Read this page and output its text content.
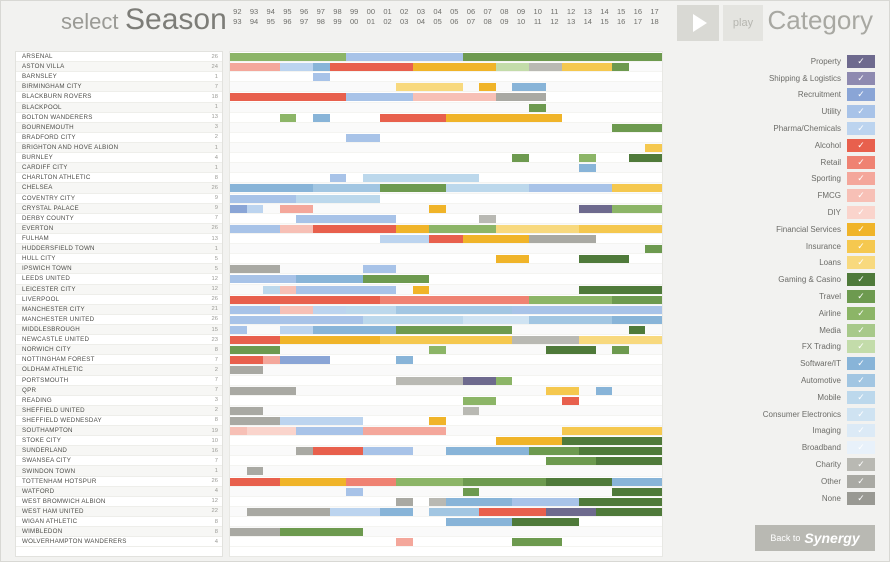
select Season	Category
92
93
93
94
94
95
95
96
96
97
97
98
98
99
99
00
00
01
01
02
02
03
03
04
04
05
05
06
06
07
07
08
08
09
09
10
10
11
11
12
12
13
13
14
14
15
15
16
16
17
17
18	play
ARSENAL	26
ASTON VILLA	24
BARNSLEY	1
BIRMINGHAM CITY	7
BLACKBURN ROVERS	18
BLACKPOOL	1
BOLTON WANDERERS	13
BOURNEMOUTH	3
BRADFORD CITY	2
BRIGHTON AND HOVE ALBION	1
BURNLEY	4
CARDIFF CITY	1
CHARLTON ATHLETIC	8
CHELSEA	26
COVENTRY CITY	9
CRYSTAL PALACE	9
DERBY COUNTY	7
EVERTON	26
FULHAM	13
HUDDERSFIELD TOWN	1
HULL CITY	5
IPSWICH TOWN	5
LEEDS UNITED	12
LEICESTER CITY	12
LIVERPOOL	26
MANCHESTER CITY	21
MANCHESTER UNITED	26
MIDDLESBROUGH	15
NEWCASTLE UNITED	23
NORWICH CITY	8
NOTTINGHAM FOREST	7
OLDHAM ATHLETIC	2
PORTSMOUTH	7
QPR	7
READING	3
SHEFFIELD UNITED	2
SHEFFIELD WEDNESDAY	8
SOUTHAMPTON	19
STOKE CITY	10
SUNDERLAND	16
SWANSEA CITY	7
SWINDON TOWN	1
TOTTENHAM HOTSPUR	26
WATFORD	4
WEST BROMWICH ALBION	12
WEST HAM UNITED	22
WIGAN ATHLETIC	8
WIMBLEDON	8
WOLVERHAMPTON WANDERERS	4
Property ✓
Shipping & Logistics ✓
Recruitment ✓
Utility ✓
Pharma/Chemicals ✓
Alcohol ✓
Retail ✓
Sporting ✓
FMCG ✓
DIY ✓
Financial Services ✓
Insurance ✓
Loans ✓
Gaming & Casino ✓
Travel ✓
Airline ✓
Media ✓
FX Trading ✓
Software/IT ✓
Automotive ✓
Mobile ✓
Consumer Electronics ✓
Imaging ✓
Broadband ✓
Charity ✓
Other ✓
None ✓
Back to Synergy
